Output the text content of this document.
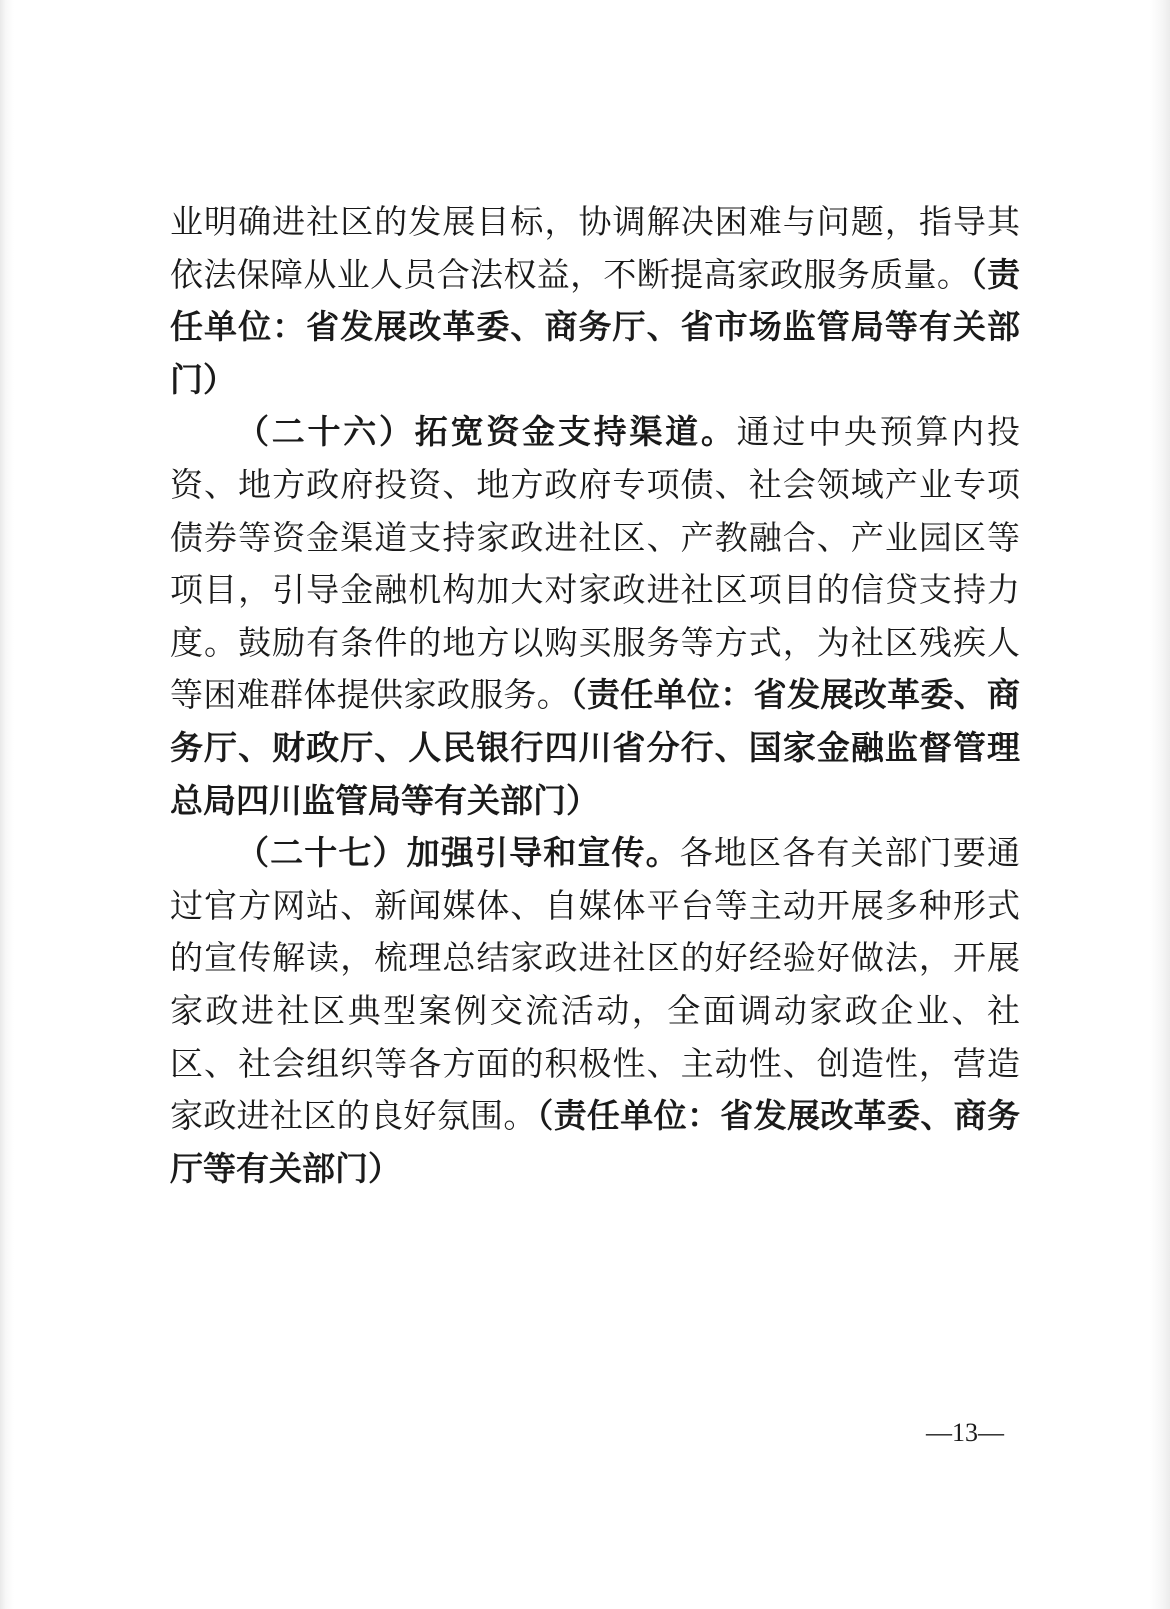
业明确进社区的发展目标，协调解决困难与问题，指导其依法保障从业人员合法权益，不断提高家政服务质量。（责任单位：省发展改革委、商务厅、省市场监管局等有关部门）

（二十六）拓宽资金支持渠道。通过中央预算内投资、地方政府投资、地方政府专项债、社会领域产业专项债券等资金渠道支持家政进社区、产教融合、产业园区等项目，引导金融机构加大对家政进社区项目的信贷支持力度。鼓励有条件的地方以购买服务等方式，为社区残疾人等困难群体提供家政服务。（责任单位：省发展改革委、商务厅、财政厅、人民银行四川省分行、国家金融监督管理总局四川监管局等有关部门）

（二十七）加强引导和宣传。各地区各有关部门要通过官方网站、新闻媒体、自媒体平台等主动开展多种形式的宣传解读，梳理总结家政进社区的好经验好做法，开展家政进社区典型案例交流活动，全面调动家政企业、社区、社会组织等各方面的积极性、主动性、创造性，营造家政进社区的良好氛围。（责任单位：省发展改革委、商务厅等有关部门）

—13—
